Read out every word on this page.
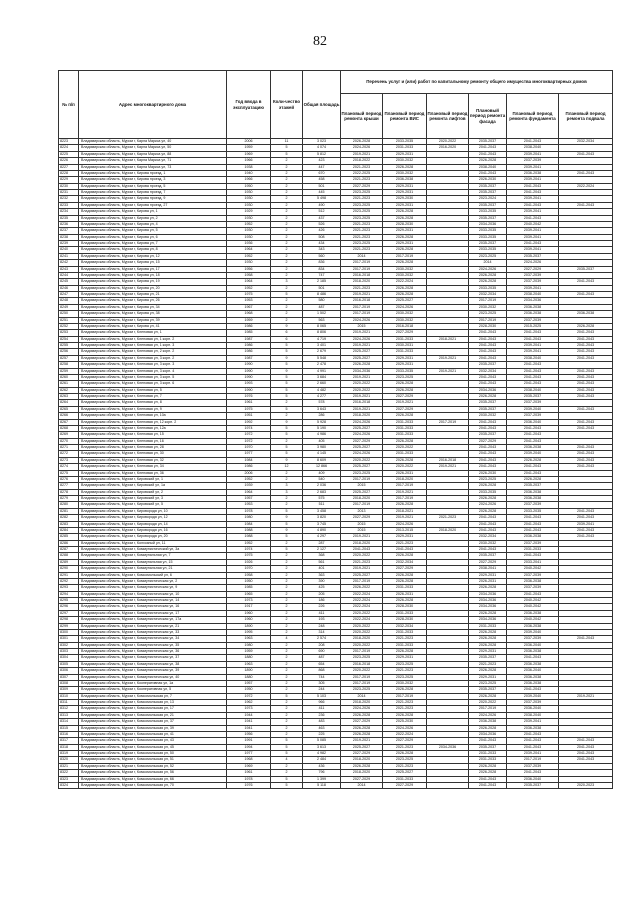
82
№ п/п	Адрес многоквартирного дома	Год ввода в эксплуатацию	Коли-чество этажей	Общая площадь	Перечень услуг и (или) работ по капитальному ремонту общего имущества многоквартирных домов					
					Плановый период ремонта крыши	Плановый период ремонта ВИС	Плановый период ремонта лифтов	Плановый период ремонта фасада	Плановый период ремонта фундамента	Плановый период ремонта подвала
8223	Владимирская область, Муром г, Карла Маркса ул, 40	2006	11	3 023	2026-2028	2033-2035	2020-2022	2035-2037	2041-2043	2032-2034
8224	Владимирская область, Муром г, Карла Маркса ул, 50	1959	5	4 074	2024-2026	2031-2033	2016-2020	2041-2043	2038-2040	
8225	Владимирская область, Муром г, Карла Маркса ул, 88	1969	5	5 812	2019-2021	2029-2031		2041-2043	2039-2041	2041-2043
8226	Владимирская область, Муром г, Карла Маркса ул, 71	1966	2	423	2018-2022	2030-2032		2026-2028	2037-2039	
8227	Владимирская область, Муром г, Карла Маркса ул, 73	1938	2	447	2021-2023	2026-2028		2038-2040	2039-2041	
8228	Владимирская область, Муром г, Кирова проезд, 1	1940	2	670	2022-2025	2030-2032		2041-2043	2036-2038	2041-2043
8229	Владимирская область, Муром г, Кирова проезд, 3	1966	2	458	2021-2023	2036-2038		2026-2030	2039-2041	
8230	Владимирская область, Муром г, Кирова проезд, 5	1950	2	501	2027-2029	2029-2031		2035-2037	2041-2043	2022-2024
8231	Владимирская область, Муром г, Кирова проезд, 7	1930	2	445	2023-2025	2029-2031		2035-2037	2041-2043	
8232	Владимирская область, Муром г, Кирова проезд, 9	1930	2	5 498	2021-2023	2029-2030		2023-2024	2039-2041	
8233	Владимирская область, Муром г, Кирова проезд, 27	1930	2	490	2023-2025	2029-2031		2035-2037	2041-2043	2041-2043
8234	Владимирская область, Муром г, Кирова ул, 1	1929	2	512	2023-2025	2026-2028		2033-2035	2039-2041	
8235	Владимирская область, Муром г, Кирова ул, 2	1930	2	437	2023-2025	2026-2028		2035-2037	2041-2043	
8236	Владимирская область, Муром г, Кирова ул, 4	1952	2	526	2021-2023	2028-2030		2034-2036	2040-2042	
8237	Владимирская область, Муром г, Кирова ул, 5	1930	2	426	2021-2023	2029-2031		2033-2035	2039-2041	
8238	Владимирская область, Муром г, Кирова ул, 6	1930	2	508	2021-2023	2026-2028		2033-2035	2039-2041	
8239	Владимирская область, Муром г, Кирова ул, 7	1936	2	434	2023-2025	2029-2031		2035-2037	2041-2043	
8240	Владимирская область, Муром г, Кирова ул, 8	1964	2	343	2021-2023	2026-2028		2033-2035	2039-2041	
8241	Владимирская область, Муром г, Кирова ул, 12	1952	2	560	2014	2017-2019		2023-2025	2035-2037	
8242	Владимирская область, Муром г, Кирова ул, 15	1930	2	836	2017-2019	2026-2028		2014	2024-2026	
8243	Владимирская область, Муром г, Кирова ул, 17	1956	2	834	2017-2019	2030-2032		2024-2026	2027-2029	2035-2037
8244	Владимирская область, Муром г, Кирова ул, 18	1958	2	747	2016-2018	2030-2032		2026-2028	2037-2039	
8245	Владимирская область, Муром г, Кирова ул, 19	1964	3	2 185	2018-2020	2022-2024		2026-2028	2037-2039	2041-2043
8246	Владимирская область, Муром г, Кирова ул, 20	1952	2	501	2021-2023	2026-2028		2033-2035	2039-2041	
8247	Владимирская область, Муром г, Кирова ул, 21	1975	5	8 486	2019-2021	2026-2028		2032-2034	2038-2040	2041-2043
8248	Владимирская область, Муром г, Кирова ул, 26	1953	2	580	2016-2018	2025-2027		2017-2019	2034-2036	
8249	Владимирская область, Муром г, Кирова ул, 34	1967	2	487	2017-2019	2024-2026		2030-2032	2036-2038	
8250	Владимирская область, Муром г, Кирова ул, 38	1968	2	1 502	2017-2019	2030-2032		2023-2025	2036-2038	2036-2038
8251	Владимирская область, Муром г, Кирова ул, 39	1959	2	563	2024-2026	2030-2032		2017-2019	2037-2039	
8252	Владимирская область, Муром г, Кирова ул, 41	1986	9	8 065	2015	2016-2018		2028-2030	2015-2025	2026-2028
8253	Владимирская область, Муром г, Кленовая ул, 1	1985	6	8 806	2019-2021	2027-2029		2041-2043	2041-2043	2041-2043
8254	Владимирская область, Муром г, Кленовая ул, 1 корп. 2	1987	6	4 719	2024-2026	2031-2033	2018-2021	2041-2043	2041-2043	2041-2043
8255	Владимирская область, Муром г, Кленовая ул, 1 корп. 3	1986	5	3 401	2019-2021	2030-2031		2041-2043	2039-2041	2041-2043
8256	Владимирская область, Муром г, Кленовая ул, 2 корп. 2	1986	5	2 679	2025-2027	2031-2033		2041-2043	2039-2041	2041-2043
8257	Владимирская область, Муром г, Кленовая ул, 3 корп. 2	1987	9	5 548	2025-2027	2029-2031	2019-2021	2041-2043	2038-2040	2041-2043
8258	Владимирская область, Муром г, Кленовая ул, 3 корп. 3	1990	5	2 478	2026-2028	2029-2031		2035-2037	2041-2043	
8259	Владимирская область, Муром г, Кленовая ул, 3 корп. 4	1990	9	4 991	2034-2036	2033-2035	2019-2021	2032-2034	2041-2043	2041-2043
8260	Владимирская область, Муром г, Кленовая ул, 3 корп. 5	1990	5	3 684	2019-2021	2023-2025		2041-2043	2041-2043	2041-2043
8261	Владимирская область, Муром г, Кленовая ул, 3 корп. 6	1993	5	2 660	2020-2022	2026-2028		2041-2043	2041-2043	2041-2043
8262	Владимирская область, Муром г, Кленовая ул, 5	1990	5	4 482	2020-2022	2026-2028		2034-2036	2038-2040	2041-2043
8263	Владимирская область, Муром г, Кленовая ул, 7	1976	5	4 277	2019-2021	2027-2029		2026-2028	2035-2037	2041-2043
8264	Владимирская область, Муром г, Кленовая ул, 8	1961	2	578	2016-2018	2019-2021		2035-2037	2037-2039	
8265	Владимирская область, Муром г, Кленовая ул, 9	1975	5	3 643	2019-2021	2027-2029		2035-2037	2039-2040	2041-2043
8266	Владимирская область, Муром г, Кленовая ул, 10а	1951	2	286	2018-2020	2026-2028		2030-2032	2037-2039	
8267	Владимирская область, Муром г, Кленовая ул, 12 корп. 2	1992	9	5 928	2024-2026	2031-2033	2017-2019	2041-2043	2036-2040	2041-2043
8268	Владимирская область, Муром г, Кленовая ул, 12а	1974	5	5 190	2025-2027	2031-2033		2041-2043	2041-2043	2041-2043
8269	Владимирская область, Муром г, Кленовая ул, 15	1972	5	4 986	2024-2026	2031-2033		2035-2037	2041-2043	
8270	Владимирская область, Муром г, Кленовая ул, 16	1972	2	405	2027-2029	2026-2028		2027-2029	2041-2043	
8271	Владимирская область, Муром г, Кленовая ул, 28	1970	5	3 980	2025-2027	2020-2022		2041-2043	2036-2038	2041-2043
8272	Владимирская область, Муром г, Кленовая ул, 30	1977	5	4 145	2024-2026	2031-2033		2041-2043	2039-2040	2041-2043
8273	Владимирская область, Муром г, Кленовая ул, 32	1984	9	8 609	2020-2022	2026-2028	2016-2018	2041-2043	2026-2028	2041-2043
8274	Владимирская область, Муром г, Кленовая ул, 34	1986	12	12 866	2025-2027	2020-2022	2019-2021	2041-2043	2041-2043	2041-2043
8275	Владимирская область, Муром г, Кленовая ул, 36	2006	2	409	2023-2025	2026-2031		2026-2030	2041-2043	
8276	Владимирская область, Муром г, Кировский ул, 1	1952	2	540	2017-2019	2018-2020		2023-2025	2026-2028	
8277	Владимирская область, Муром г, Кировский ул, 1а	1939	3	2 036	2015	2017-2019		2026-2028	2035-2037	
8278	Владимирская область, Муром г, Кировский ул, 2	1964	3	2 683	2025-2027	2019-2021		2033-2035	2036-2038	
8279	Владимирская область, Муром г, Кировский ул, 3	1957	2	575	2018-2020	2017-2019		2026-2028	2036-2038	
8280	Владимирская область, Муром г, Кировский ул, 5	1953	2	511	2017-2019	2026-2028		2024-2026	2037-2039	
8281	Владимирская область, Муром г, Кировородя ул, 10	1978	5	3 458	2013	2018-2021		2026-2028	2033-2035	2041-2043
8282	Владимирская область, Муром г, Кировородя ул, 12	1980	9	3 820	2027-2029	2019-2021	2021-2023	2041-2043	2041-2043	2041-2043
8283	Владимирская область, Муром г, Кировородя ул, 14	1984	5	3 745	2015	2024-2026		2041-2043	2041-2043	2039-2041
8284	Владимирская область, Муром г, Кировородя ул, 16	1988	9	4 890	2015	2013-2015	2018-2020	2041-2043	2041-2043	2041-2043
8285	Владимирская область, Муром г, Кировородя ул, 20	1988	5	4 297	2019-2021	2029-2031		2032-2034	2036-2038	2041-2043
8286	Владимирская область, Муром г, Колхозный ул, 11	1952	2	287	2018-2020	2021-2023		2030-2032	2037-2039	
8287	Владимирская область, Муром г, Коммунистический ул, 3а	1974	5	2 127	2041-2043	2041-2043		2041-2043	2031-2033	
8288	Владимирская область, Муром г, Коммунальная ул, 7	1975	2	368	2020-2022	2026-2028		2035-2037	2041-2043	
8289	Владимирская область, Муром г, Коммунальная ул, 15	1926	2	561	2021-2023	2032-2034		2027-2029	2033-2041	
8290	Владимирская область, Муром г, Коммунальная ул, 21	1970	2	401	2019-2021	2027-2029		2038-2041	2040-2042	
8291	Владимирская область, Муром г, Комсомольский ул, 6	1958	2	363	2025-2027	2026-2028		2029-2031	2037-2039	
8292	Владимирская область, Муром г, Коммунистическая ул, 2	1950	2	390	2017-2019	2026-2028		2026-2031	2036-2038	
8293	Владимирская область, Муром г, Коммунистическая ул, 9	1985	2	425	2026-2022	2031-2033		2026-2028	2037-2039	
8294	Владимирская область, Муром г, Коммунистическая ул, 10	1965	2	205	2022-2024	2026-2031		2034-2036	2041-2043	
8295	Владимирская область, Муром г, Коммунистическая ул, 14	1973	2	186	2022-2024	2026-2028		2034-2036	2040-2042	
8296	Владимирская область, Муром г, Коммунистическая ул, 16	1917	2	226	2022-2024	2028-2030		2034-2036	2040-2042	
8297	Владимирская область, Муром г, Коммунистическая ул, 17	1960	2	411	2020-2022	2031-2033		2026-2028	2036-2038	
8298	Владимирская область, Муром г, Коммунистическая ул, 17а	1960	2	193	2022-2024	2028-2030		2034-2036	2040-2042	
8299	Владимирская область, Муром г, Коммунистическая ул, 21	1890	2	248	2020-2022	2032-2034		2031-2033	2036-2038	
8300	Владимирская область, Муром г, Коммунистическая ул, 33	1995	2	314	2020-2022	2031-2033		2026-2028	2039-2040	
8301	Владимирская область, Муром г, Коммунистическая ул, 34	1963	4	2 574	2018-2020	2021-2023		2026-2028	2037-2039	2041-2043
8302	Владимирская область, Муром г, Коммунистическая ул, 35	1980	2	208	2020-2022	2031-2033		2026-2028	2036-2040	
8303	Владимирская область, Муром г, Коммунистическая ул, 36	1959	2	690	2017-2019	2026-2028		2029-2031	2036-2038	
8304	Владимирская область, Муром г, Коммунистическая ул, 37	1880	2	487	2023-2025	2029-2031		2035-2037	2041-2043	
8305	Владимирская область, Муром г, Коммунистическая ул, 38	1963	2	654	2016-2018	2023-2025		2021-2023	2036-2038	
8306	Владимирская область, Муром г, Коммунистическая ул, 39	1890	2	868	2020-2022	2021-2023		2026-2028	2036-2040	
8307	Владимирская область, Муром г, Коммунистическая ул, 40	1880	2	744	2017-2019	2023-2025		2029-2031	2036-2038	
8308	Владимирская область, Муром г, Кооперативная ул, 1а	1957	2	305	2017-2019	2030-2032		2023-2025	2036-2038	
8309	Владимирская область, Муром г, Кооперативная ул, 5	1950	2	244	2023-2025	2026-2028		2035-2037	2041-2043	
8310	Владимирская область, Муром г, Комсомольская ул, 7	1972	5	5 103	2014	2017-2019		2026-2028	2039-2040	2019-2021
8311	Владимирская область, Муром г, Комсомольская ул, 13	1962	2	966	2018-2020	2021-2023		2020-2022	2037-2039	
8312	Владимирская область, Муром г, Комсомольская ул, 17	1973	2	411	2024-2026	2021-2023		2017-2019	2036-2040	
8313	Владимирская область, Муром г, Комсомольская ул, 21	1944	2	236	2026-2028	2026-2028		2024-2026	2038-2040	
8314	Владимирская область, Муром г, Комсомольская ул, 37	1941	2	483	2027-2029	2025-2030		2036-2038	2039-2041	
8315	Владимирская область, Муром г, Комсомольская ул, 39	1941	2	463	2026-2028	2024-2026		2026-2028	2036-2038	
8316	Владимирская область, Муром г, Комсомольская ул, 41	1956	2	225	2026-2028	2022-2024		2034-2036	2041-2043	
8317	Владимирская область, Муром г, Комсомольская ул, 43	1991	5	5 085	2019-2021	2027-2029		2041-2043	2041-2043	2041-2043
8318	Владимирская область, Муром г, Комсомольская ул, 45	1994	5	3 613	2025-2027	2021-2023	2034-2036	2035-2037	2041-2043	2041-2043
8319	Владимирская область, Муром г, Комсомольская ул, 50	1977	5	4 982	2027-2029	2026-2028		2031-2033	2039-2041	2041-2043
8320	Владимирская область, Муром г, Комсомольская ул, 51	1968	4	2 484	2018-2020	2023-2025		2031-2033	2017-2019	2041-2043
8321	Владимирская область, Муром г, Комсомольская ул, 52	1969	2	436	2026-2028	2021-2023		2026-2028	2037-2039	
8322	Владимирская область, Муром г, Комсомольская ул, 56	1961	2	796	2018-2020	2025-2027		2026-2028	2041-2043	
8323	Владимирская область, Муром г, Комсомольская ул, 66	1978	5	1 399	2027-2029	2031-2033		2041-2043	2036-2040	
8324	Владимирская область, Муром г, Комсомольская ул, 70	1976	5	5 118	2014	2027-2029		2041-2043	2035-2037	2020-2023
